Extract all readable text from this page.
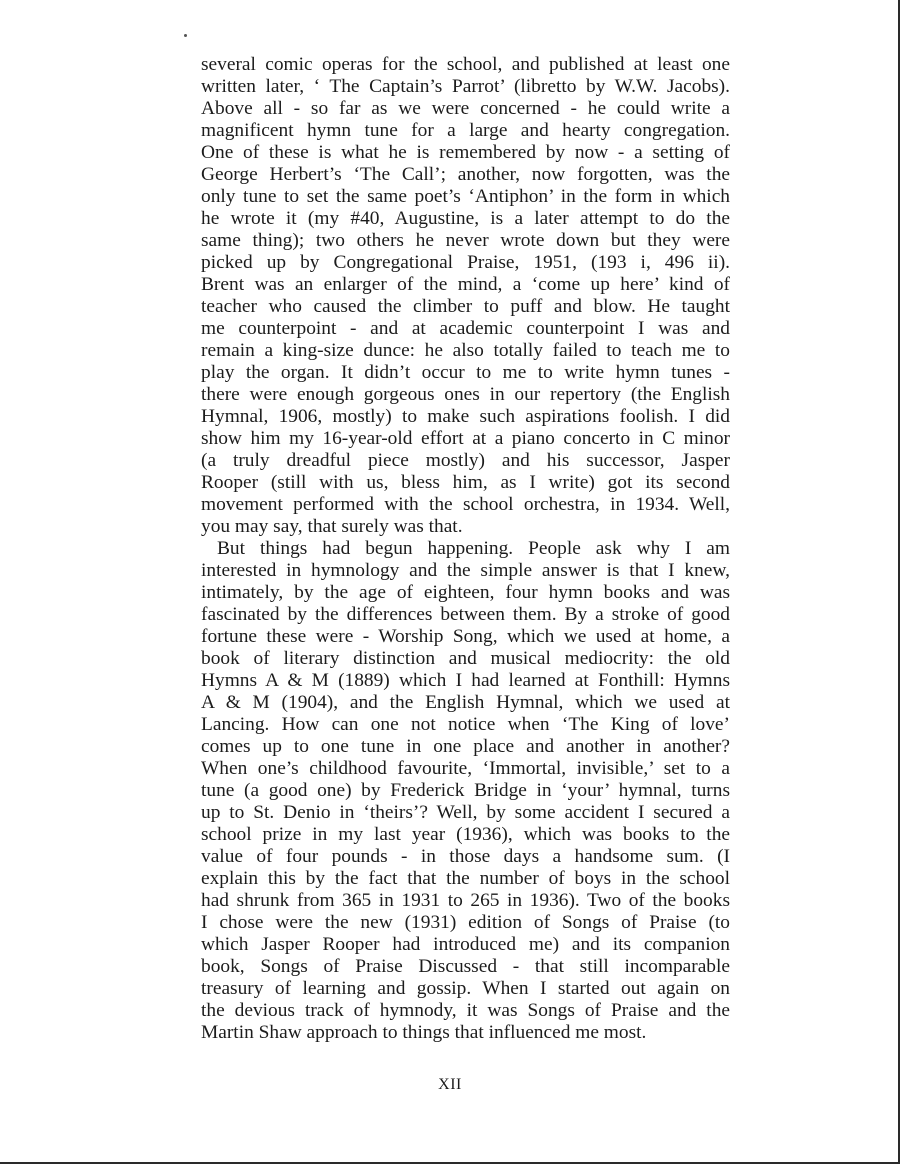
several comic operas for the school, and published at least one
written later, ‘ The Captain’s Parrot’ (libretto by W.W. Jacobs).
Above all - so far as we were concerned - he could write a
magnificent hymn tune for a large and hearty congregation.
One of these is what he is remembered by now - a setting of
George Herbert’s ‘The Call’; another, now forgotten, was the
only tune to set the same poet’s ‘Antiphon’ in the form in which
he wrote it (my #40, Augustine, is a later attempt to do the
same thing); two others he never wrote down but they were
picked up by Congregational Praise, 1951, (193 i, 496 ii).
Brent was an enlarger of the mind, a ‘come up here’ kind of
teacher who caused the climber to puff and blow. He taught
me counterpoint - and at academic counterpoint I was and
remain a king-size dunce: he also totally failed to teach me to
play the organ. It didn’t occur to me to write hymn tunes -
there were enough gorgeous ones in our repertory (the English
Hymnal, 1906, mostly) to make such aspirations foolish. I did
show him my 16-year-old effort at a piano concerto in C minor
(a truly dreadful piece mostly) and his successor, Jasper
Rooper (still with us, bless him, as I write) got its second
movement performed with the school orchestra, in 1934. Well,
you may say, that surely was that.
But things had begun happening. People ask why I am
interested in hymnology and the simple answer is that I knew,
intimately, by the age of eighteen, four hymn books and was
fascinated by the differences between them. By a stroke of good
fortune these were - Worship Song, which we used at home, a
book of literary distinction and musical mediocrity: the old
Hymns A & M (1889) which I had learned at Fonthill: Hymns
A & M (1904), and the English Hymnal, which we used at
Lancing. How can one not notice when ‘The King of love’
comes up to one tune in one place and another in another?
When one’s childhood favourite, ‘Immortal, invisible,’ set to a
tune (a good one) by Frederick Bridge in ‘your’ hymnal, turns
up to St. Denio in ‘theirs’? Well, by some accident I secured a
school prize in my last year (1936), which was books to the
value of four pounds - in those days a handsome sum. (I
explain this by the fact that the number of boys in the school
had shrunk from 365 in 1931 to 265 in 1936). Two of the books
I chose were the new (1931) edition of Songs of Praise (to
which Jasper Rooper had introduced me) and its companion
book, Songs of Praise Discussed - that still incomparable
treasury of learning and gossip. When I started out again on
the devious track of hymnody, it was Songs of Praise and the
Martin Shaw approach to things that influenced me most.
XII
